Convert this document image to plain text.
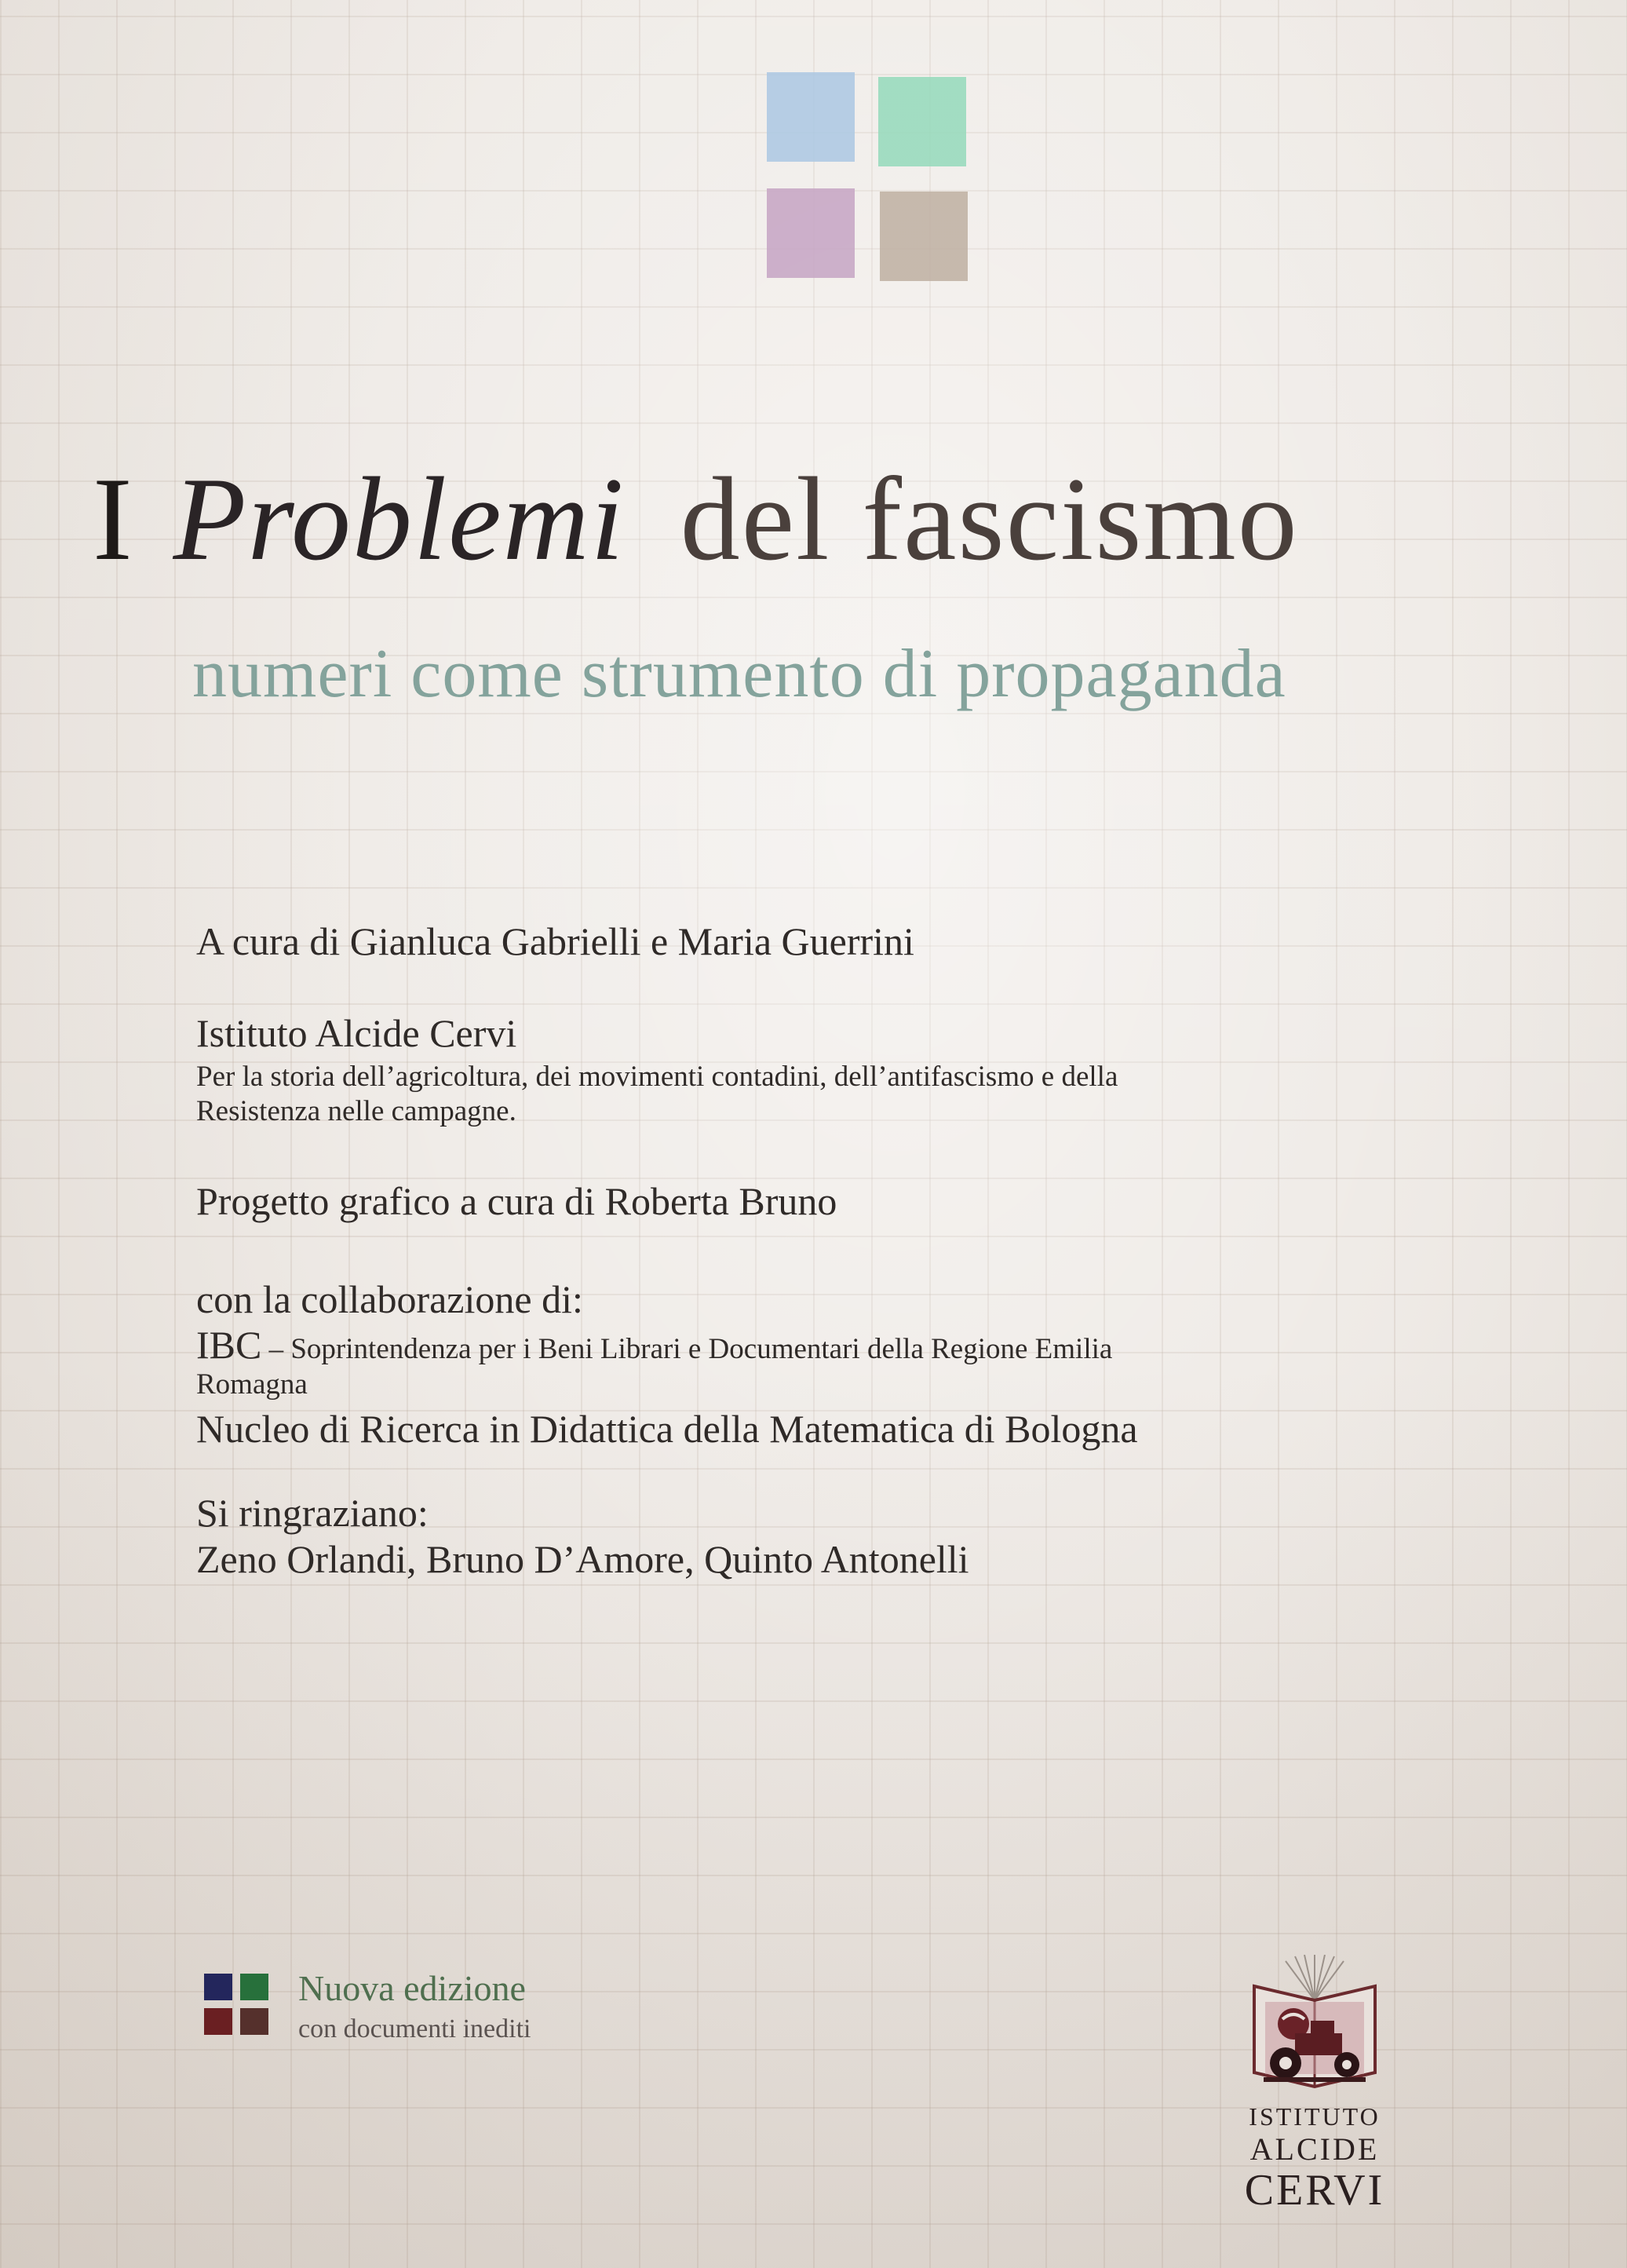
I Problemi del fascismo
numeri come strumento di propaganda

A cura di Gianluca Gabrielli e Maria Guerrini

Istituto Alcide Cervi

Per la storia dell’agricoltura, dei movimenti contadini, dell’antifascismo e della

Resistenza nelle campagne.

Progetto grafico a cura di Roberta Bruno

con la collaborazione di:

IBC – Soprintendenza per i Beni Librari e Documentari della Regione Emilia

Romagna

Nucleo di Ricerca in Didattica della Matematica di Bologna

Si ringraziano:

Zeno Orlandi, Bruno D’Amore, Quinto Antonelli

Nuova edizione
con documenti inediti
ISTITUTO
ALCIDE
CERVI
